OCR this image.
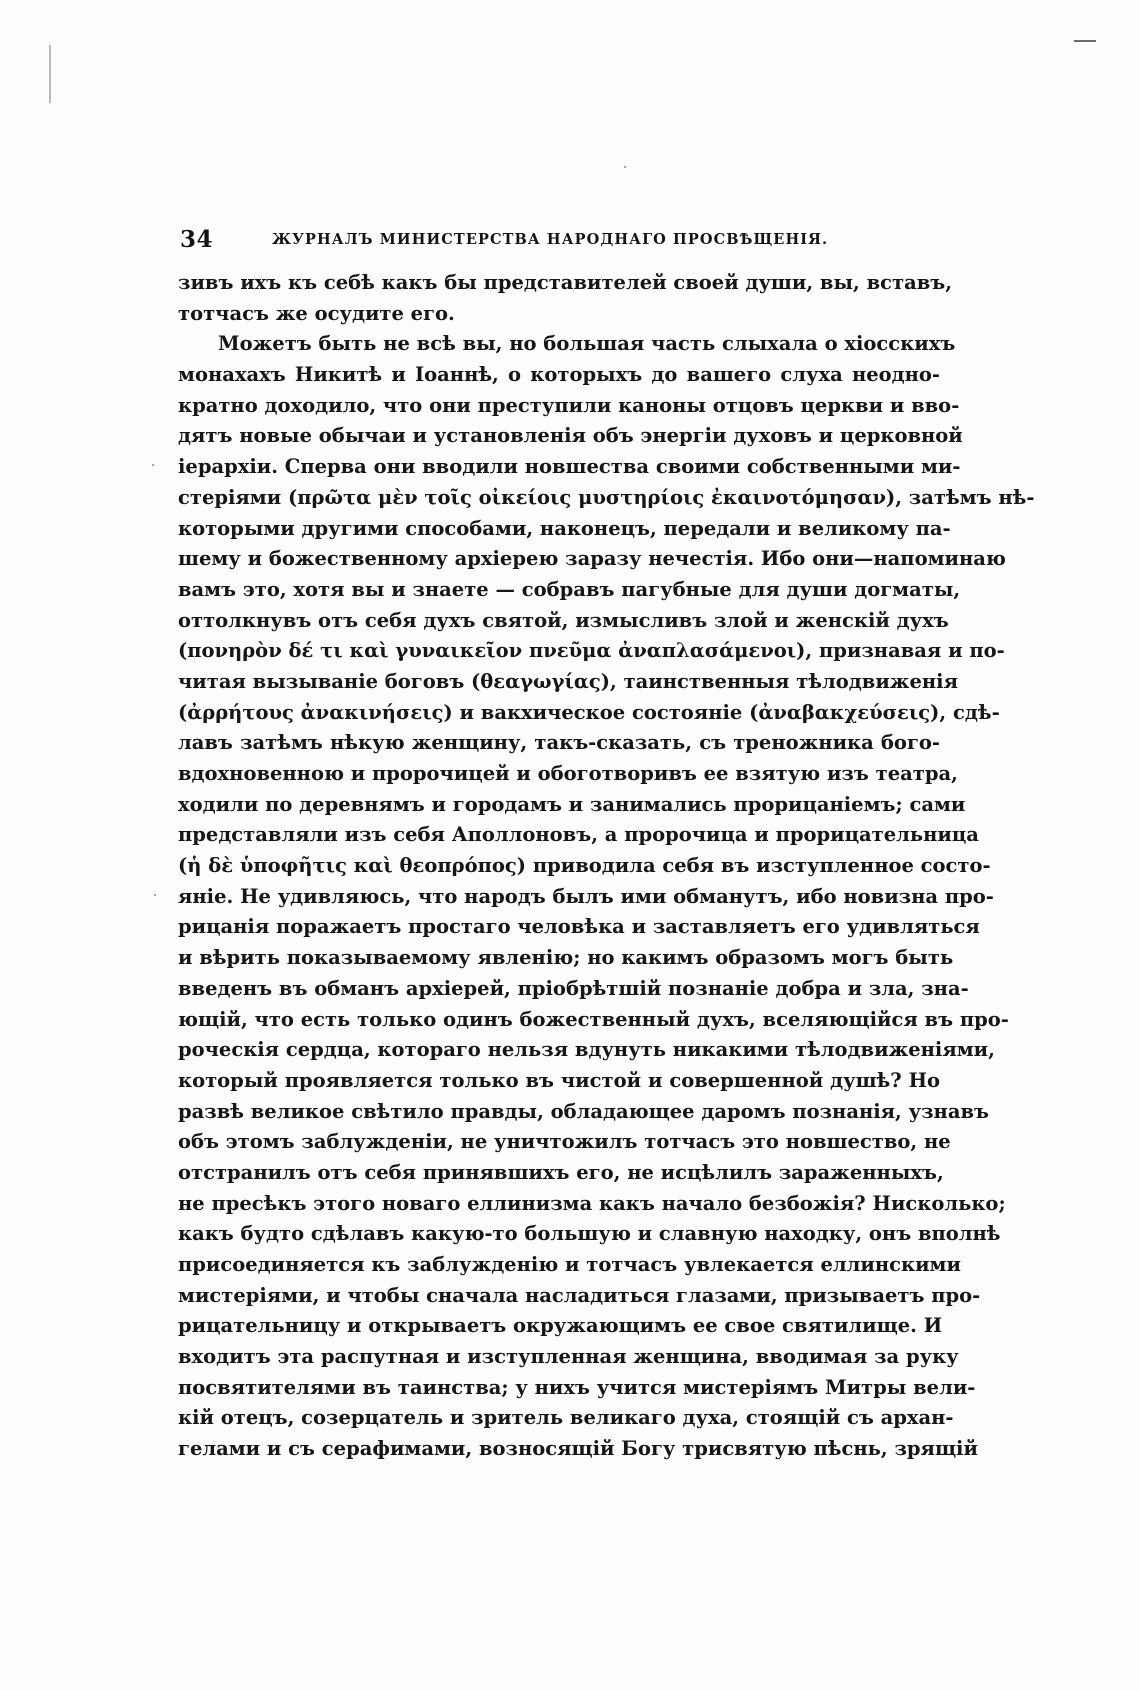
34	ЖУРНАЛЪ МИНИСТЕРСТВА НАРОДНАГО ПРОСВѢЩЕНІЯ.
зивъ ихъ къ себѣ какъ бы представителей своей души, вы, вставъ,
тотчасъ же осудите его.
Можетъ быть не всѣ вы, но большая часть слыхала о хіосскихъ
монахахъ Никитѣ и Іоаннѣ, о которыхъ до вашего слуха неодно-
кратно доходило, что они преступили каноны отцовъ церкви и вво-
дятъ новые обычаи и установленія объ энергіи духовъ и церковной
іерархіи. Сперва они вводили новшества своими собственными ми-
стеріями (πρῶτα μὲν τοῖς οἰκείοις μυστηρίοις ἐκαινοτόμησαν), затѣмъ нѣ-
которыми другими способами, наконецъ, передали и великому па-
шему и божественному архіерею заразу нечестія. Ибо они—напоминаю
вамъ это, хотя вы и знаете — собравъ пагубные для души догматы,
оттолкнувъ отъ себя духъ святой, измысливъ злой и женскій духъ
(πονηρὸν δέ τι καὶ γυναικεῖον πνεῦμα ἀναπλασάμενοι), признавая и по-
читая вызываніе боговъ (θεαγωγίας), таинственныя тѣлодвиженія
(ἀρρήτους ἀνακινήσεις) и вакхическое состояніе (ἀναβακχεύσεις), сдѣ-
лавъ затѣмъ нѣкую женщину, такъ-сказать, съ треножника бого-
вдохновенною и пророчицей и обоготворивъ ее взятую изъ театра,
ходили по деревнямъ и городамъ и занимались прорицаніемъ; сами
представляли изъ себя Аполлоновъ, а пророчица и прорицательница
(ἡ δὲ ὑποφῆτις καὶ θεοπρόπος) приводила себя въ изступленное состо-
яніе. Не удивляюсь, что народъ былъ ими обманутъ, ибо новизна про-
рицанія поражаетъ простаго человѣка и заставляетъ его удивляться
и вѣрить показываемому явленію; но какимъ образомъ могъ быть
введенъ въ обманъ архіерей, пріобрѣтшій познаніе добра и зла, зна-
ющій, что есть только одинъ божественный духъ, вселяющійся въ про-
роческія сердца, котораго нельзя вдунуть никакими тѣлодвиженіями,
который проявляется только въ чистой и совершенной душѣ? Но
развѣ великое свѣтило правды, обладающее даромъ познанія, узнавъ
объ этомъ заблужденіи, не уничтожилъ тотчасъ это новшество, не
отстранилъ отъ себя принявшихъ его, не исцѣлилъ зараженныхъ,
не пресѣкъ этого новаго еллинизма какъ начало безбожія? Нисколько;
какъ будто сдѣлавъ какую-то большую и славную находку, онъ вполнѣ
присоединяется къ заблужденію и тотчасъ увлекается еллинскими
мистеріями, и чтобы сначала насладиться глазами, призываетъ про-
рицательницу и открываетъ окружающимъ ее свое святилище. И
входитъ эта распутная и изступленная женщина, вводимая за руку
посвятителями въ таинства; у нихъ учится мистеріямъ Митры вели-
кій отецъ, созерцатель и зритель великаго духа, стоящій съ архан-
гелами и съ серафимами, возносящій Богу трисвятую пѣснь, зрящій
